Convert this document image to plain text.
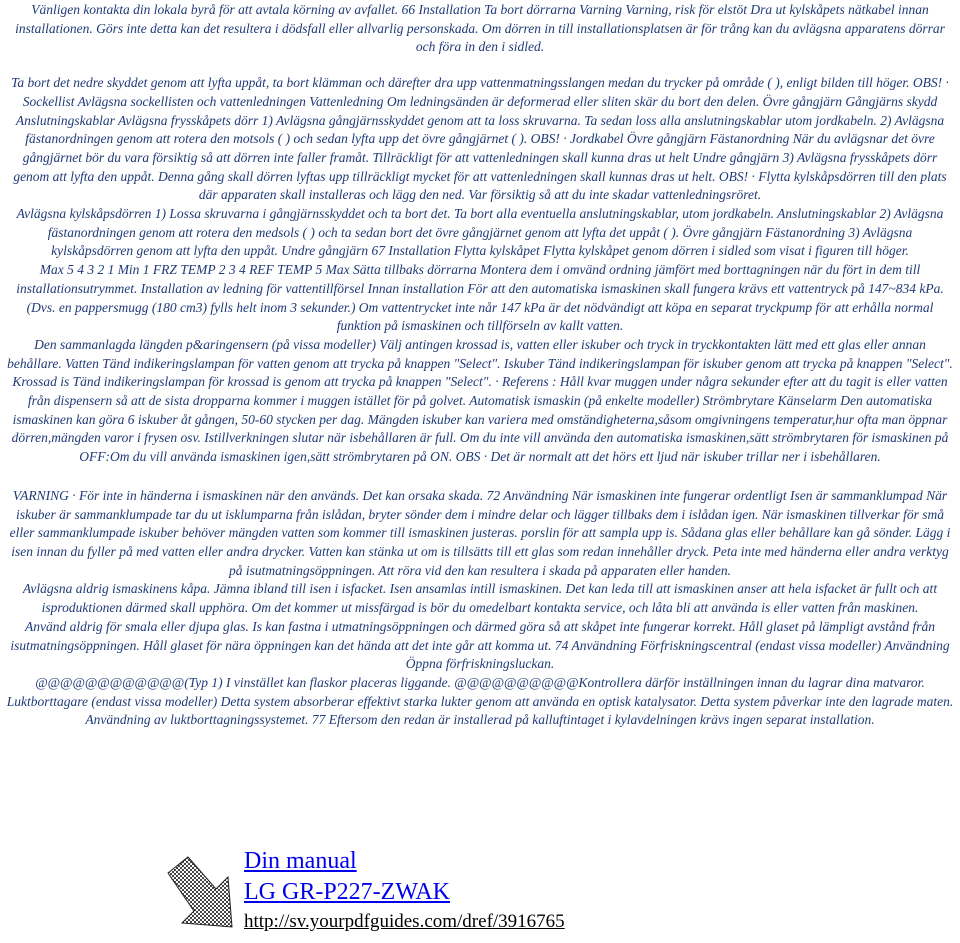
Vänligen kontakta din lokala byrå för att avtala körning av avfallet. 66 Installation Ta bort dörrarna Varning Varning, risk för elstöt Dra ut kylskåpets nätkabel innan installationen. Görs inte detta kan det resultera i dödsfall eller allvarlig personskada. Om dörren in till installationsplatsen är för trång kan du avlägsna apparatens dörrar och föra in den i sidled.

Ta bort det nedre skyddet genom att lyfta uppåt, ta bort klämman och därefter dra upp vattenmatningsslangen medan du trycker på område ( ), enligt bilden till höger. OBS! · Sockellist Avlägsna sockellisten och vattenledningen Vattenledning Om ledningsänden är deformerad eller sliten skär du bort den delen. Övre gångjärn Gångjärns skydd Anslutningskablar Avlägsna frysskåpets dörr 1) Avlägsna gångjärnsskyddet genom att ta loss skruvarna. Ta sedan loss alla anslutningskablar utom jordkabeln. 2) Avlägsna fästanordningen genom att rotera den motsols ( ) och sedan lyfta upp det övre gångjärnet ( ). OBS! · Jordkabel Övre gångjärn Fästanordning När du avlägsnar det övre gångjärnet bör du vara försiktig så att dörren inte faller framåt. Tillräckligt för att vattenledningen skall kunna dras ut helt Undre gångjärn 3) Avlägsna frysskåpets dörr genom att lyfta den uppåt. Denna gång skall dörren lyftas upp tillräckligt mycket för att vattenledningen skall kunnas dras ut helt. OBS! · Flytta kylskåpsdörren till den plats där apparaten skall installeras och lägg den ned. Var försiktig så att du inte skadar vattenledningsröret.

Avlägsna kylskåpsdörren 1) Lossa skruvarna i gångjärnsskyddet och ta bort det. Ta bort alla eventuella anslutningskablar, utom jordkabeln. Anslutningskablar 2) Avlägsna fästanordningen genom att rotera den medsols ( ) och ta sedan bort det övre gångjärnet genom att lyfta det uppåt ( ). Övre gångjärn Fästanordning 3) Avlägsna kylskåpsdörren genom att lyfta den uppåt. Undre gångjärn 67 Installation Flytta kylskåpet Flytta kylskåpet genom dörren i sidled som visat i figuren till höger.

Max 5 4 3 2 1 Min 1 FRZ TEMP 2 3 4 REF TEMP 5 Max Sätta tillbaks dörrarna Montera dem i omvänd ordning jämfört med borttagningen när du fört in dem till installationsutrymmet. Installation av ledning för vattentillförsel Innan installation För att den automatiska ismaskinen skall fungera krävs ett vattentryck på 147~834 kPa. (Dvs. en pappersmugg (180 cm3) fylls helt inom 3 sekunder.) Om vattentrycket inte når 147 kPa är det nödvändigt att köpa en separat tryckpump för att erhålla normal funktion på ismaskinen och tillförseln av kallt vatten.

Den sammanlagda längden p&aringensern (på vissa modeller) Välj antingen krossad is, vatten eller iskuber och tryck in tryckkontakten lätt med ett glas eller annan behållare. Vatten Tänd indikeringslampan för vatten genom att trycka på knappen "Select". Iskuber Tänd indikeringslampan för iskuber genom att trycka på knappen "Select". Krossad is Tänd indikeringslampan för krossad is genom att trycka på knappen "Select". · Referens : Håll kvar muggen under några sekunder efter att du tagit is eller vatten från dispensern så att de sista dropparna kommer i muggen istället för på golvet. Automatisk ismaskin (på enkelte modeller) Strömbrytare Känselarm Den automatiska ismaskinen kan göra 6 iskuber åt gången, 50-60 stycken per dag. Mängden iskuber kan variera med omständigheterna,såsom omgivningens temperatur,hur ofta man öppnar dörren,mängden varor i frysen osv. Istillverkningen slutar när isbehållaren är full. Om du inte vill använda den automatiska ismaskinen,sätt strömbrytaren för ismaskinen på OFF:Om du vill använda ismaskinen igen,sätt strömbrytaren på ON. OBS · Det är normalt att det hörs ett ljud när iskuber trillar ner i isbehållaren.

VARNING · För inte in händerna i ismaskinen när den används. Det kan orsaka skada. 72 Användning När ismaskinen inte fungerar ordentligt Isen är sammanklumpad När iskuber är sammanklumpade tar du ut isklumparna från islådan, bryter sönder dem i mindre delar och lägger tillbaks dem i islådan igen. När ismaskinen tillverkar för små eller sammanklumpade iskuber behöver mängden vatten som kommer till ismaskinen justeras. porslin för att sampla upp is. Sådana glas eller behållare kan gå sönder. Lägg i isen innan du fyller på med vatten eller andra drycker. Vatten kan stänka ut om is tillsätts till ett glas som redan innehåller dryck. Peta inte med händerna eller andra verktyg på isutmatningsöppningen. Att röra vid den kan resultera i skada på apparaten eller handen.

Avlägsna aldrig ismaskinens kåpa. Jämna ibland till isen i isfacket. Isen ansamlas intill ismaskinen. Det kan leda till att ismaskinen anser att hela isfacket är fullt och att isproduktionen därmed skall upphöra. Om det kommer ut missfärgad is bör du omedelbart kontakta service, och låta bli att använda is eller vatten från maskinen.

Använd aldrig för smala eller djupa glas. Is kan fastna i utmatningsöppningen och därmed göra så att skåpet inte fungerar korrekt. Håll glaset på lämpligt avstånd från isutmatningsöppningen. Håll glaset för nära öppningen kan det hända att det inte går att komma ut. 74 Användning Förfriskningscentral (endast vissa modeller) Användning Öppna förfriskningsluckan.

@@@@@@@@@@@@(Typ 1) I vinstället kan flaskor placeras liggande. @@@@@@@@@@Kontrollera därför inställningen innan du lagrar dina matvaror. Luktborttagare (endast vissa modeller) Detta system absorberar effektivt starka lukter genom att använda en optisk katalysator. Detta system påverkar inte den lagrade maten. Användning av luktborttagningssystemet. 77 Eftersom den redan är installerad på kalluftintaget i kylavdelningen krävs ingen separat installation.

Din manual
LG GR-P227-ZWAK
http://sv.yourpdfguides.com/dref/3916765
